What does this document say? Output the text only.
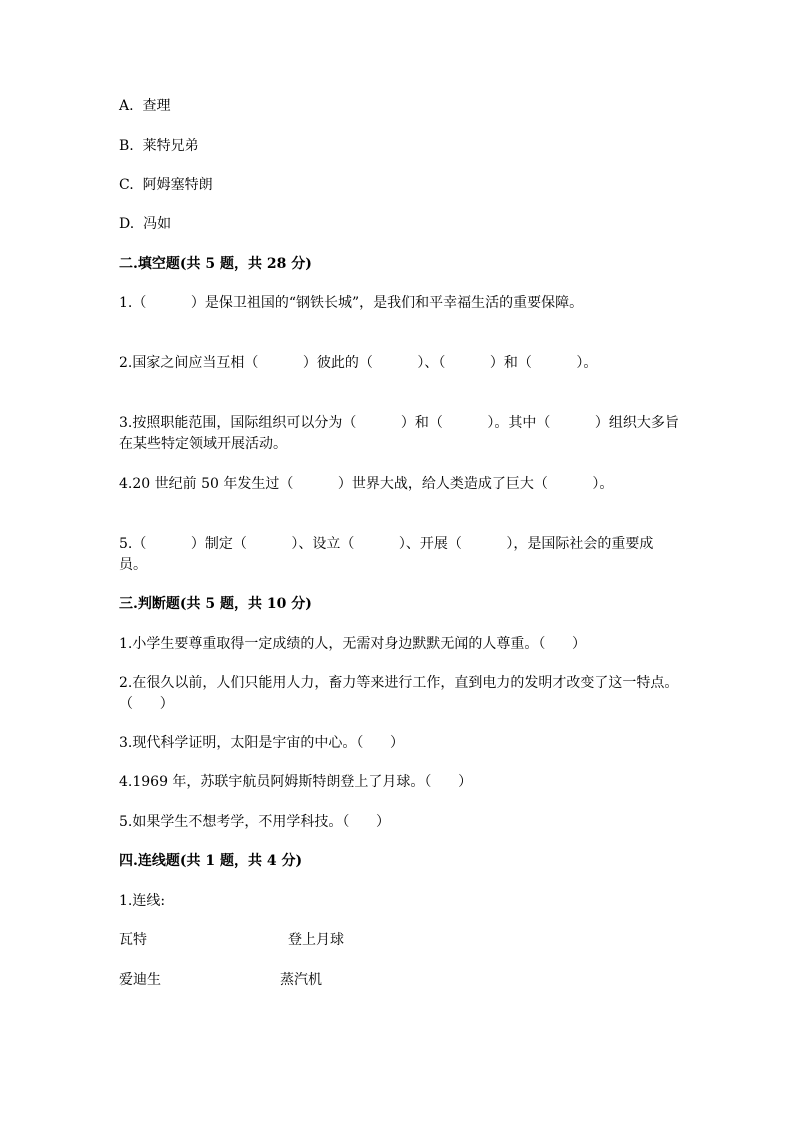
A.  查理
B.  莱特兄弟
C.  阿姆塞特朗
D.  冯如
二.填空题(共 5 题，共 28 分)
1.（          ）是保卫祖国的“钢铁长城”，是我们和平幸福生活的重要保障。
2.国家之间应当互相（          ）彼此的（          ）、（          ）和（          ）。
3.按照职能范围，国际组织可以分为（          ）和（          ）。其中（          ）组织大多旨在某些特定领域开展活动。
4.20 世纪前 50 年发生过（          ）世界大战，给人类造成了巨大（          ）。
5.（          ）制定（          ）、设立（          ）、开展（          ），是国际社会的重要成员。
三.判断题(共 5 题，共 10 分)
1.小学生要尊重取得一定成绩的人，无需对身边默默无闻的人尊重。（      ）
2.在很久以前，人们只能用人力，畜力等来进行工作，直到电力的发明才改变了这一特点。（      ）
3.现代科学证明，太阳是宇宙的中心。（      ）
4.1969 年，苏联宇航员阿姆斯特朗登上了月球。（      ）
5.如果学生不想考学，不用学科技。（      ）
四.连线题(共 1 题，共 4 分)
1.连线:
瓦特	登上月球
爱迪生	蒸汽机
